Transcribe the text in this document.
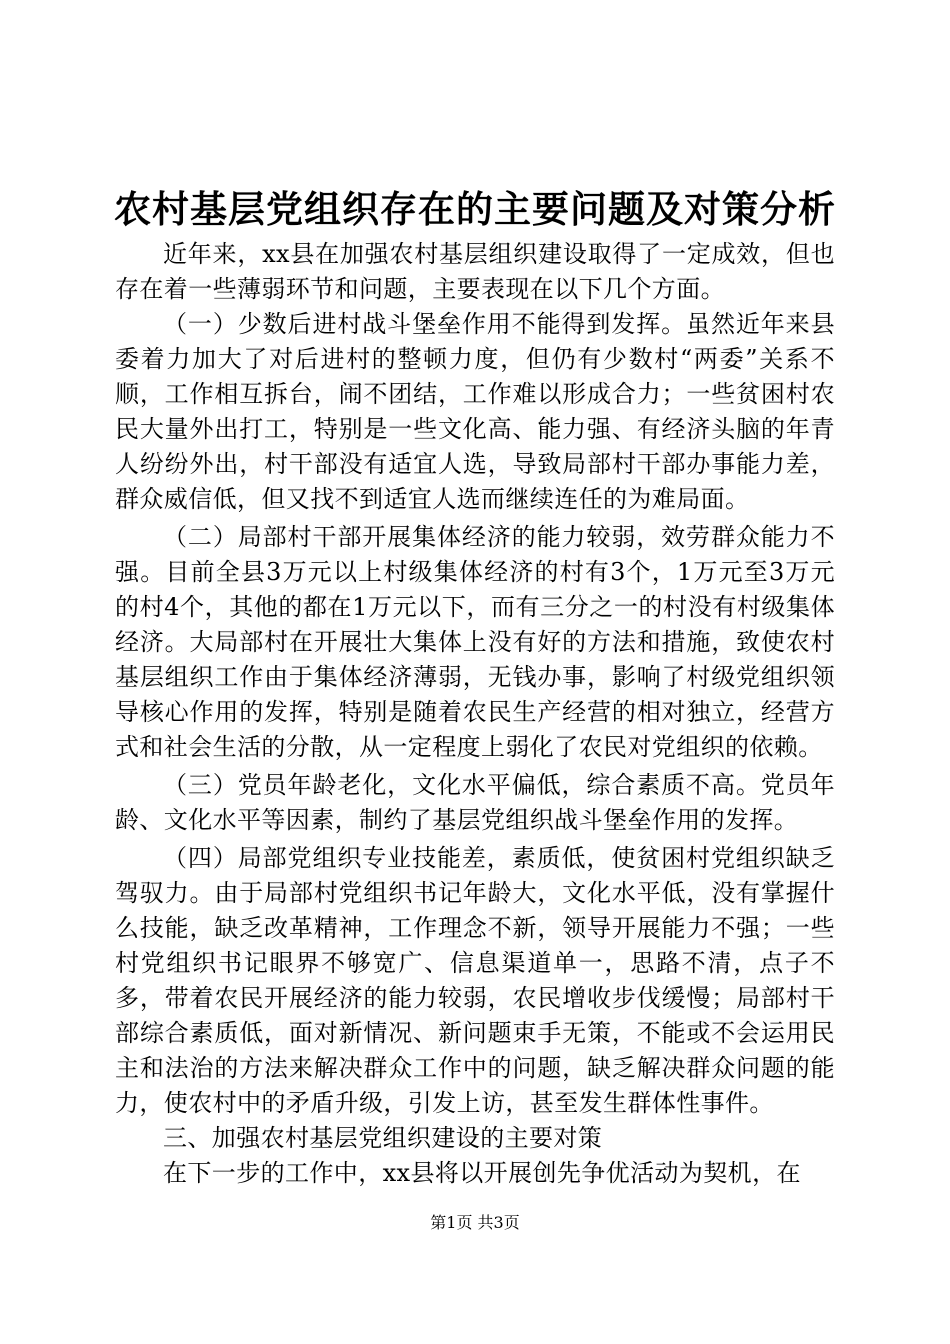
农村基层党组织存在的主要问题及对策分析

近年来，xx县在加强农村基层组织建设取得了一定成效，但也存在着一些薄弱环节和问题，主要表现在以下几个方面。

（一）少数后进村战斗堡垒作用不能得到发挥。虽然近年来县委着力加大了对后进村的整顿力度，但仍有少数村“两委”关系不顺，工作相互拆台，闹不团结，工作难以形成合力；一些贫困村农民大量外出打工，特别是一些文化高、能力强、有经济头脑的年青人纷纷外出，村干部没有适宜人选，导致局部村干部办事能力差，群众威信低，但又找不到适宜人选而继续连任的为难局面。

（二）局部村干部开展集体经济的能力较弱，效劳群众能力不强。目前全县3万元以上村级集体经济的村有3个，1万元至3万元的村4个，其他的都在1万元以下，而有三分之一的村没有村级集体经济。大局部村在开展壮大集体上没有好的方法和措施，致使农村基层组织工作由于集体经济薄弱，无钱办事，影响了村级党组织领导核心作用的发挥，特别是随着农民生产经营的相对独立，经营方式和社会生活的分散，从一定程度上弱化了农民对党组织的依赖。

（三）党员年龄老化，文化水平偏低，综合素质不高。党员年龄、文化水平等因素，制约了基层党组织战斗堡垒作用的发挥。

（四）局部党组织专业技能差，素质低，使贫困村党组织缺乏驾驭力。由于局部村党组织书记年龄大，文化水平低，没有掌握什么技能，缺乏改革精神，工作理念不新，领导开展能力不强；一些村党组织书记眼界不够宽广、信息渠道单一，思路不清，点子不多，带着农民开展经济的能力较弱，农民增收步伐缓慢；局部村干部综合素质低，面对新情况、新问题束手无策，不能或不会运用民主和法治的方法来解决群众工作中的问题，缺乏解决群众问题的能力，使农村中的矛盾升级，引发上访，甚至发生群体性事件。

三、加强农村基层党组织建设的主要对策

在下一步的工作中，xx县将以开展创先争优活动为契机，在

第1页 共3页
